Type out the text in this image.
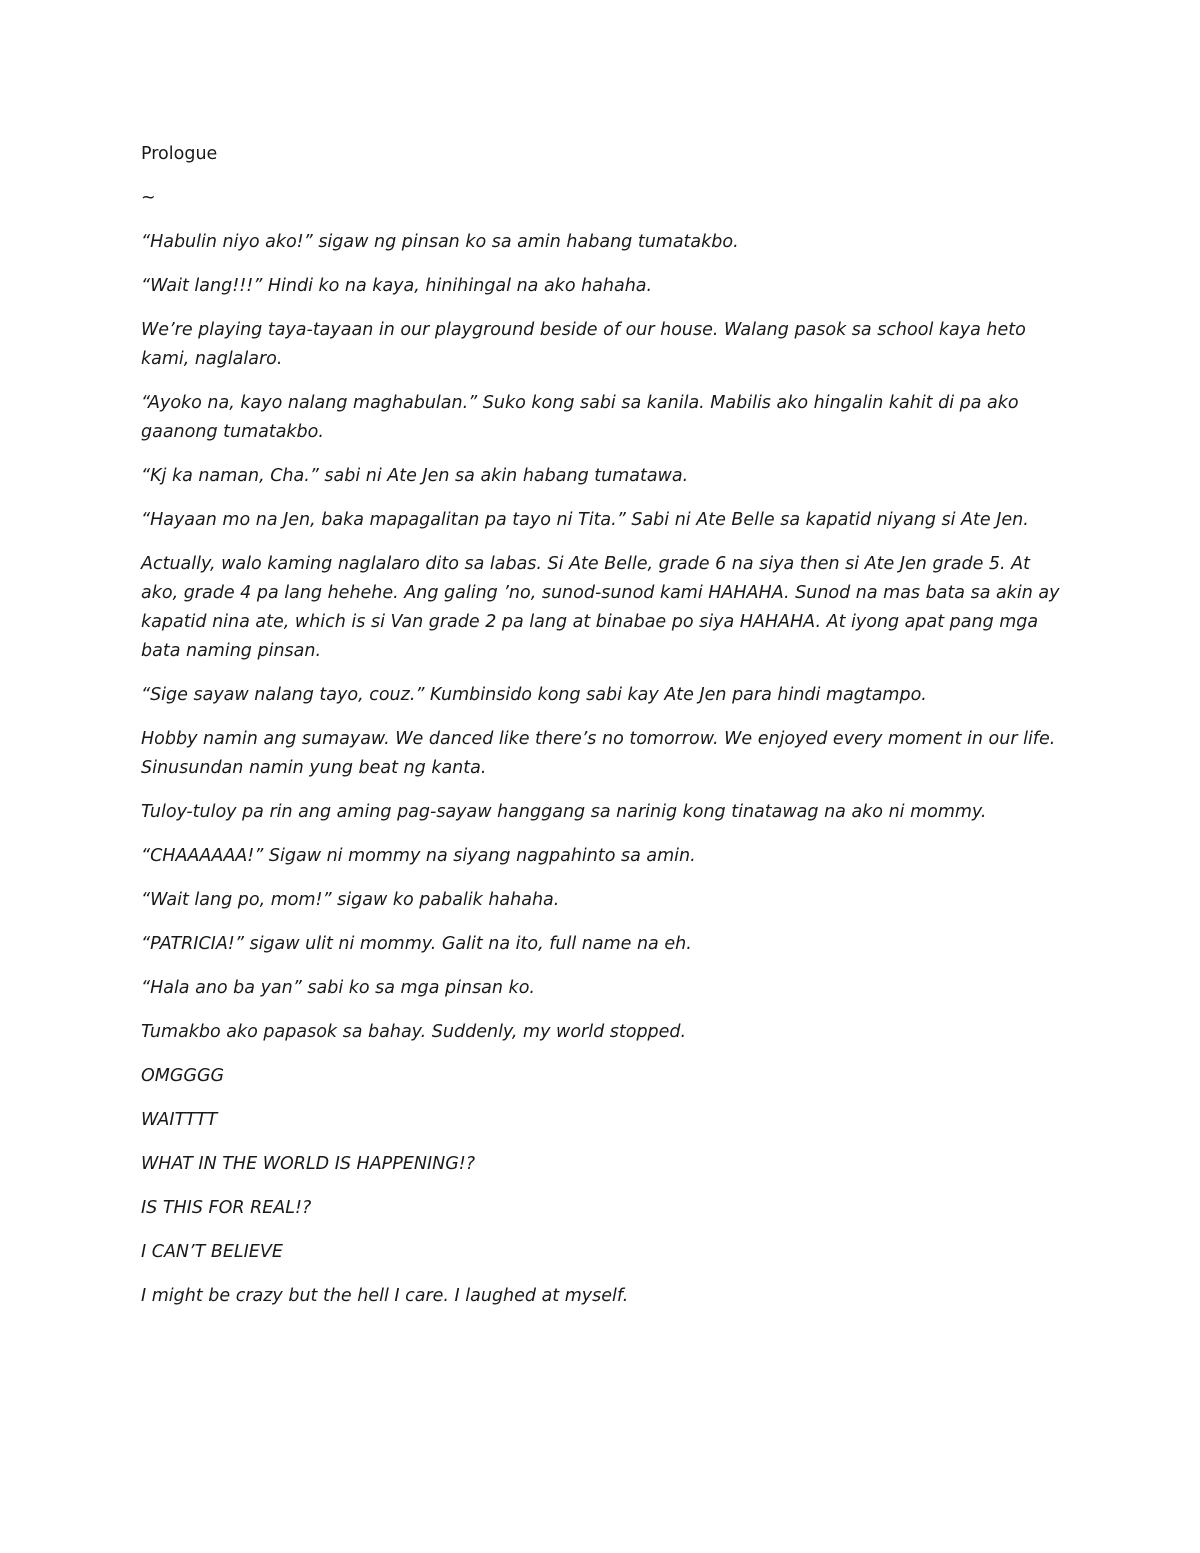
Prologue
~
“Habulin niyo ako!” sigaw ng pinsan ko sa amin habang tumatakbo.
“Wait lang!!!” Hindi ko na kaya, hinihingal na ako hahaha.
We’re playing taya-tayaan in our playground beside of our house. Walang pasok sa school kaya heto
kami, naglalaro.
“Ayoko na, kayo nalang maghabulan.” Suko kong sabi sa kanila. Mabilis ako hingalin kahit di pa ako
gaanong tumatakbo.
“Kj ka naman, Cha.” sabi ni Ate Jen sa akin habang tumatawa.
“Hayaan mo na Jen, baka mapagalitan pa tayo ni Tita.” Sabi ni Ate Belle sa kapatid niyang si Ate Jen.
Actually, walo kaming naglalaro dito sa labas. Si Ate Belle, grade 6 na siya then si Ate Jen grade 5. At
ako, grade 4 pa lang hehehe. Ang galing ’no, sunod-sunod kami HAHAHA. Sunod na mas bata sa akin ay
kapatid nina ate, which is si Van grade 2 pa lang at binabae po siya HAHAHA. At iyong apat pang mga
bata naming pinsan.
“Sige sayaw nalang tayo, couz.” Kumbinsido kong sabi kay Ate Jen para hindi magtampo.
Hobby namin ang sumayaw. We danced like there’s no tomorrow. We enjoyed every moment in our life.
Sinusundan namin yung beat ng kanta.
Tuloy-tuloy pa rin ang aming pag-sayaw hanggang sa narinig kong tinatawag na ako ni mommy.
“CHAAAAAA!” Sigaw ni mommy na siyang nagpahinto sa amin.
“Wait lang po, mom!” sigaw ko pabalik hahaha.
“PATRICIA!” sigaw ulit ni mommy. Galit na ito, full name na eh.
“Hala ano ba yan” sabi ko sa mga pinsan ko.
Tumakbo ako papasok sa bahay. Suddenly, my world stopped.
OMGGGG
WAITTTT
WHAT IN THE WORLD IS HAPPENING!?
IS THIS FOR REAL!?
I CAN’T BELIEVE
I might be crazy but the hell I care. I laughed at myself.
